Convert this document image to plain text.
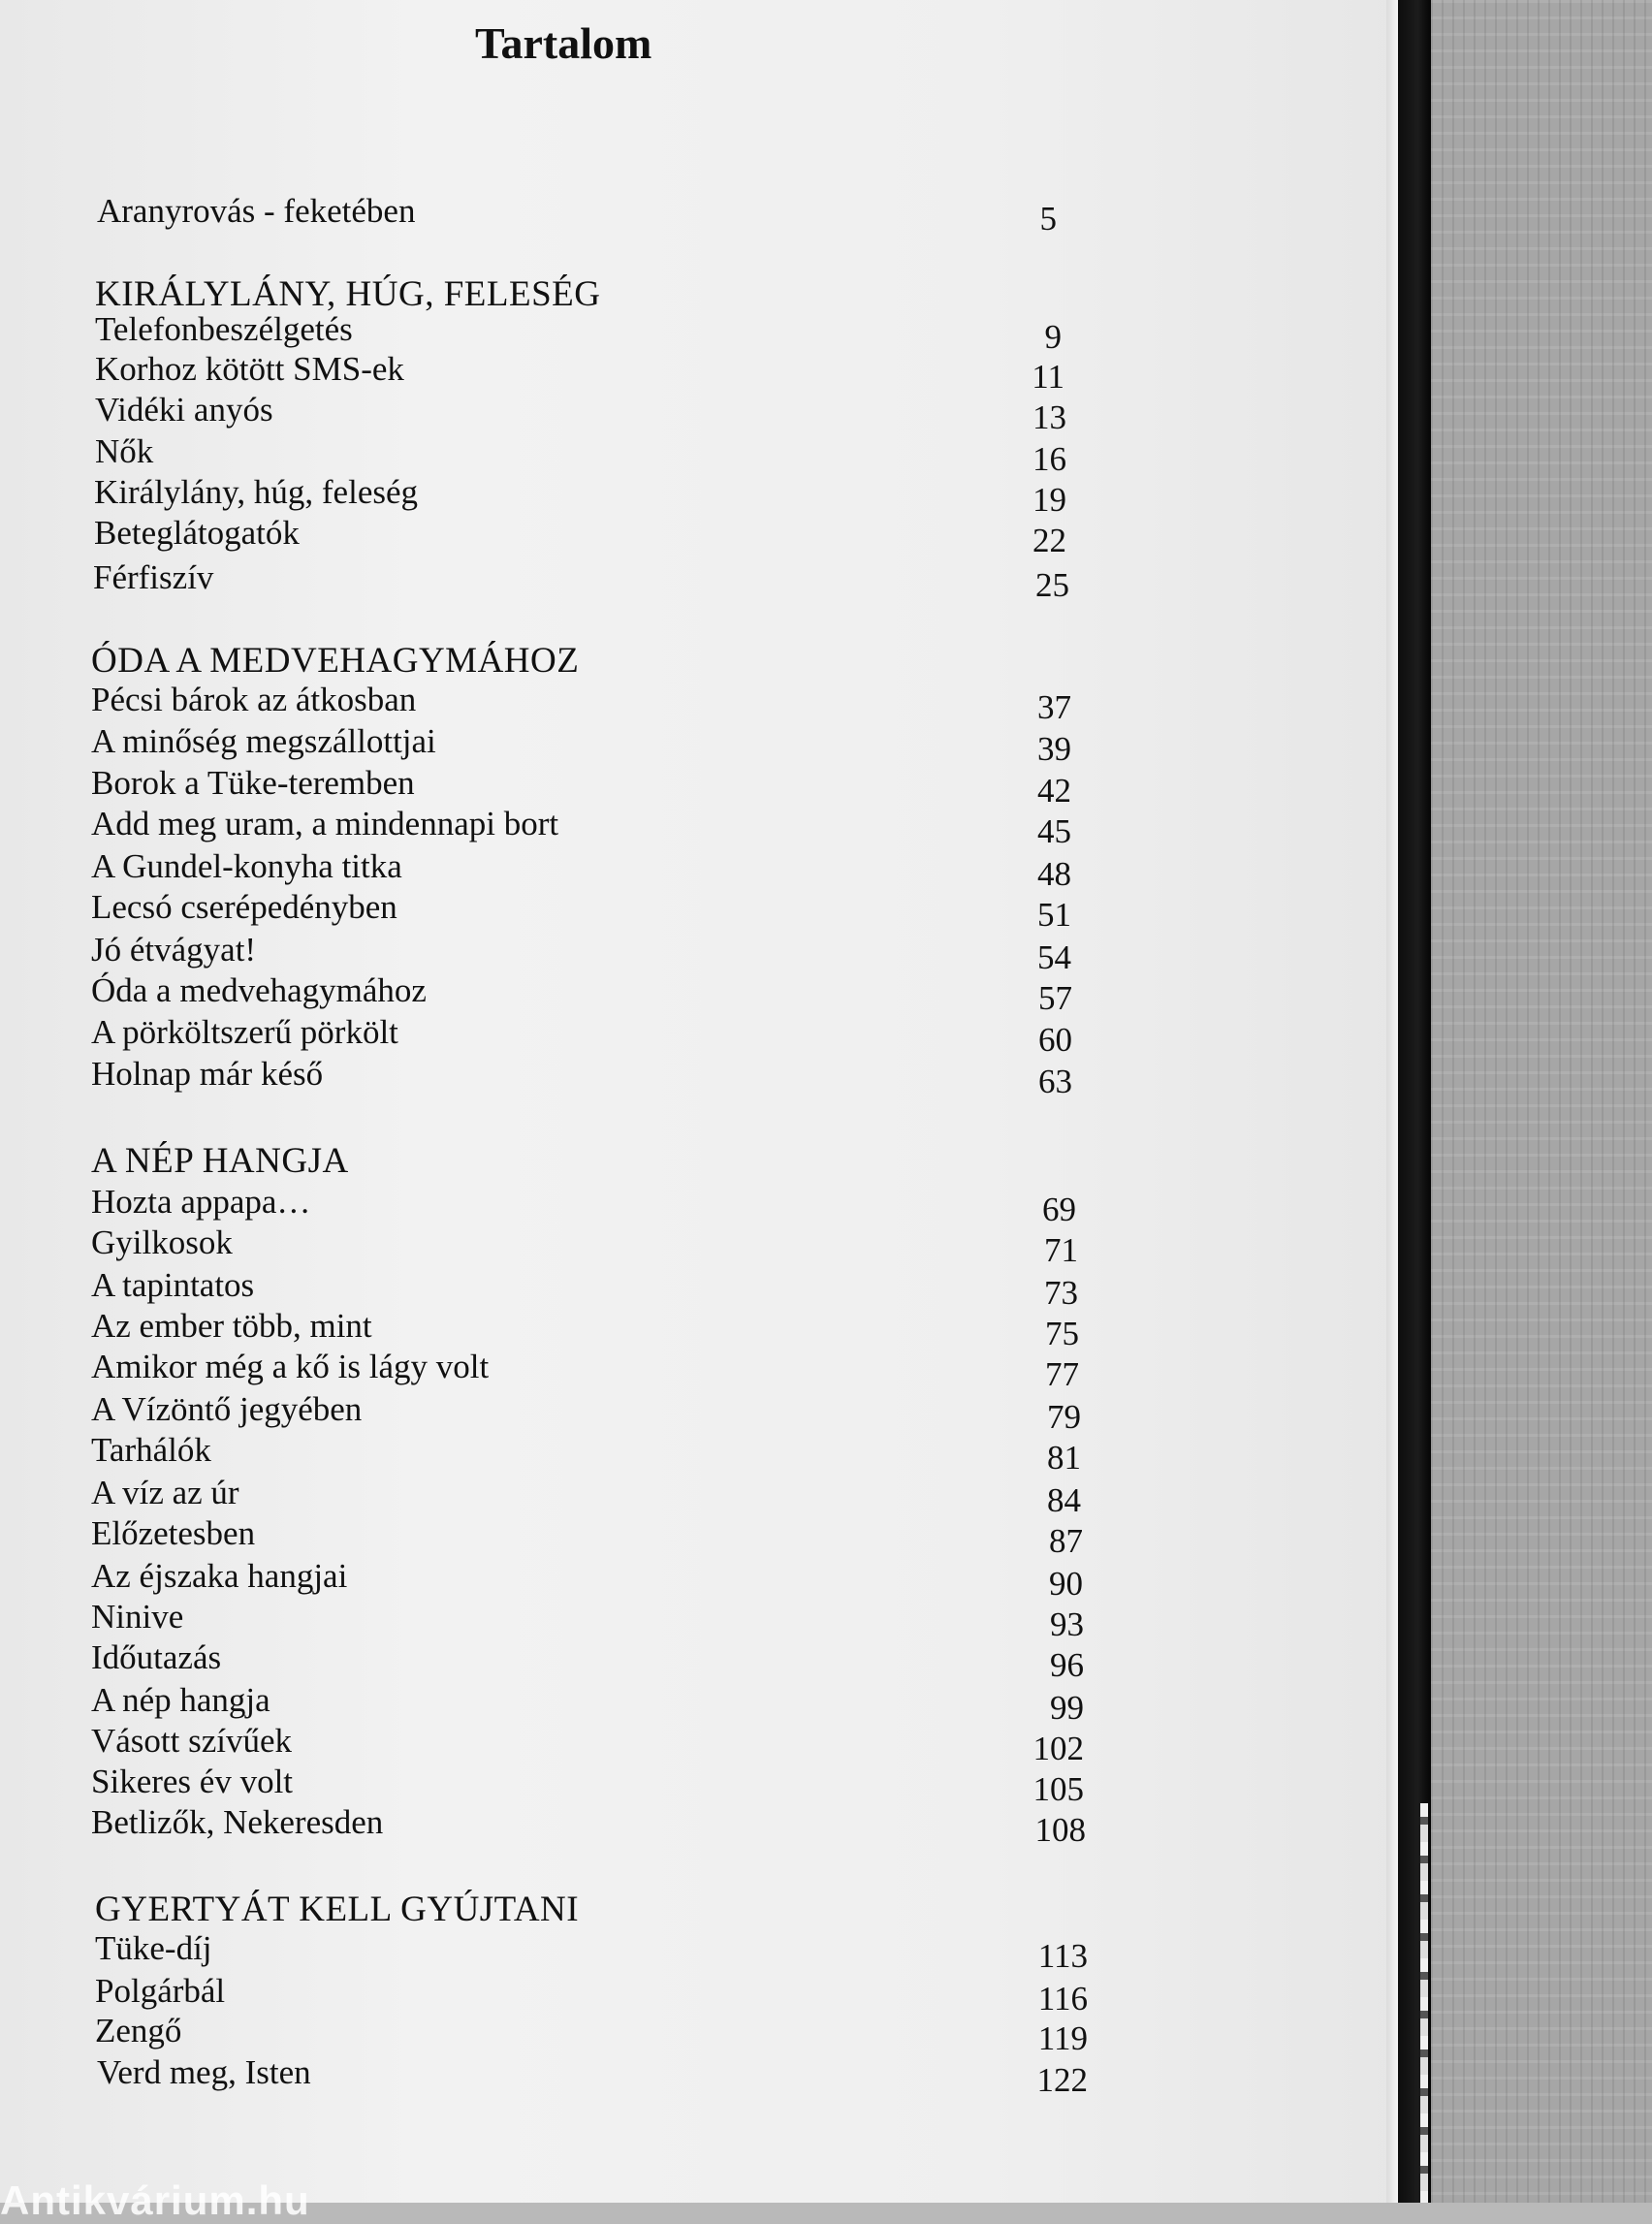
Tartalom
Aranyrovás - feketében	5
KIRÁLYLÁNY, HÚG, FELESÉG
Telefonbeszélgetés	9
Korhoz kötött SMS-ek	11
Vidéki anyós	13
Nők	16
Királylány, húg, feleség	19
Beteglátogatók	22
Férfiszív	25
ÓDA A MEDVEHAGYMÁHOZ
Pécsi bárok az átkosban	37
A minőség megszállottjai	39
Borok a Tüke-teremben	42
Add meg uram, a mindennapi bort	45
A Gundel-konyha titka	48
Lecsó cserépedényben	51
Jó étvágyat!	54
Óda a medvehagymához	57
A pörköltszerű pörkölt	60
Holnap már késő	63
A NÉP HANGJA
Hozta appapa…	69
Gyilkosok	71
A tapintatos	73
Az ember több, mint	75
Amikor még a kő is lágy volt	77
A Vízöntő jegyében	79
Tarhálók	81
A víz az úr	84
Előzetesben	87
Az éjszaka hangjai	90
Ninive	93
Időutazás	96
A nép hangja	99
Vásott szívűek	102
Sikeres év volt	105
Betlizők, Nekeresden	108
GYERTYÁT KELL GYÚJTANI
Tüke-díj	113
Polgárbál	116
Zengő	119
Verd meg, Isten	122
Antikvárium.hu
